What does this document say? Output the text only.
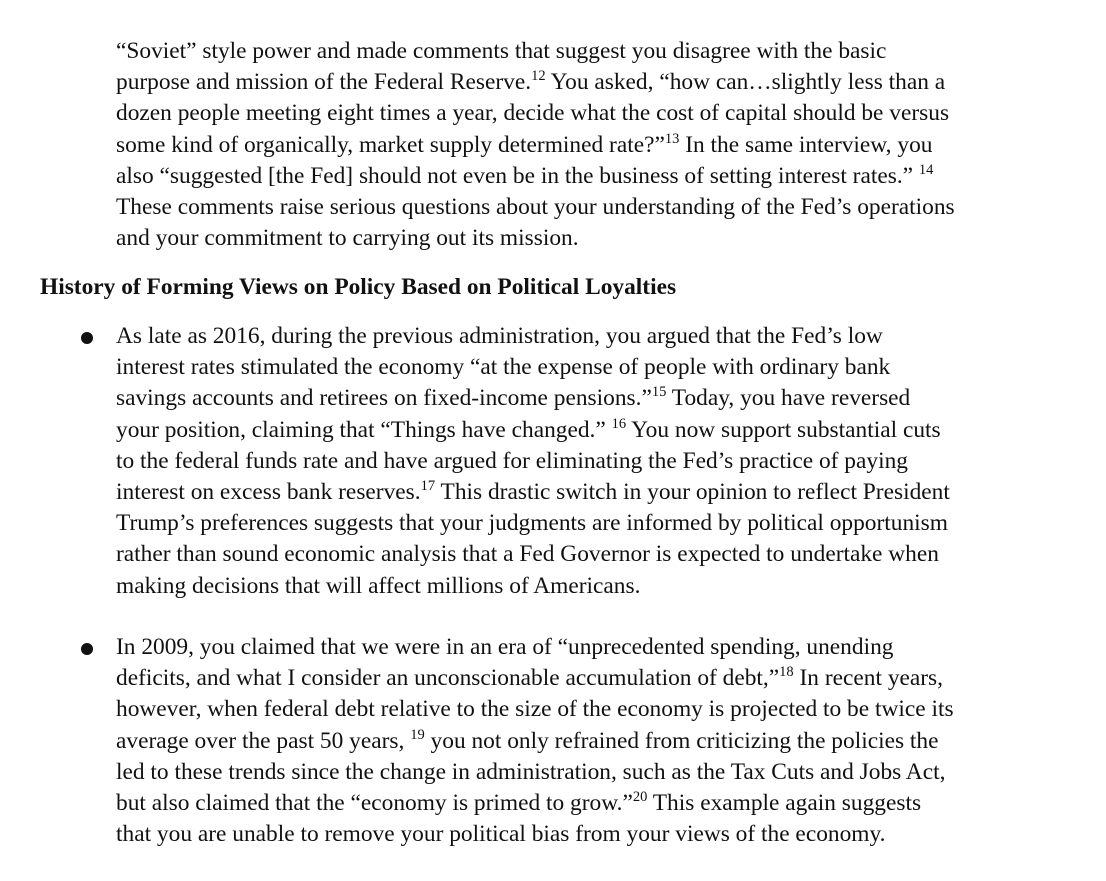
“Soviet” style power and made comments that suggest you disagree with the basic
purpose and mission of the Federal Reserve.$^{12}$ You asked, “how can…slightly less than a
dozen people meeting eight times a year, decide what the cost of capital should be versus
some kind of organically, market supply determined rate?”$^{13}$ In the same interview, you
also “suggested [the Fed] should not even be in the business of setting interest rates.” $^{14}$
These comments raise serious questions about your understanding of the Fed’s operations
and your commitment to carrying out its mission.
History of Forming Views on Policy Based on Political Loyalties
As late as 2016, during the previous administration, you argued that the Fed’s low
interest rates stimulated the economy “at the expense of people with ordinary bank
savings accounts and retirees on fixed-income pensions.”$^{15}$ Today, you have reversed
your position, claiming that “Things have changed.” $^{16}$ You now support substantial cuts
to the federal funds rate and have argued for eliminating the Fed’s practice of paying
interest on excess bank reserves.$^{17}$ This drastic switch in your opinion to reflect President
Trump’s preferences suggests that your judgments are informed by political opportunism
rather than sound economic analysis that a Fed Governor is expected to undertake when
making decisions that will affect millions of Americans.
In 2009, you claimed that we were in an era of “unprecedented spending, unending
deficits, and what I consider an unconscionable accumulation of debt,”$^{18}$ In recent years,
however, when federal debt relative to the size of the economy is projected to be twice its
average over the past 50 years, $^{19}$ you not only refrained from criticizing the policies the
led to these trends since the change in administration, such as the Tax Cuts and Jobs Act,
but also claimed that the “economy is primed to grow.”$^{20}$ This example again suggests
that you are unable to remove your political bias from your views of the economy.
